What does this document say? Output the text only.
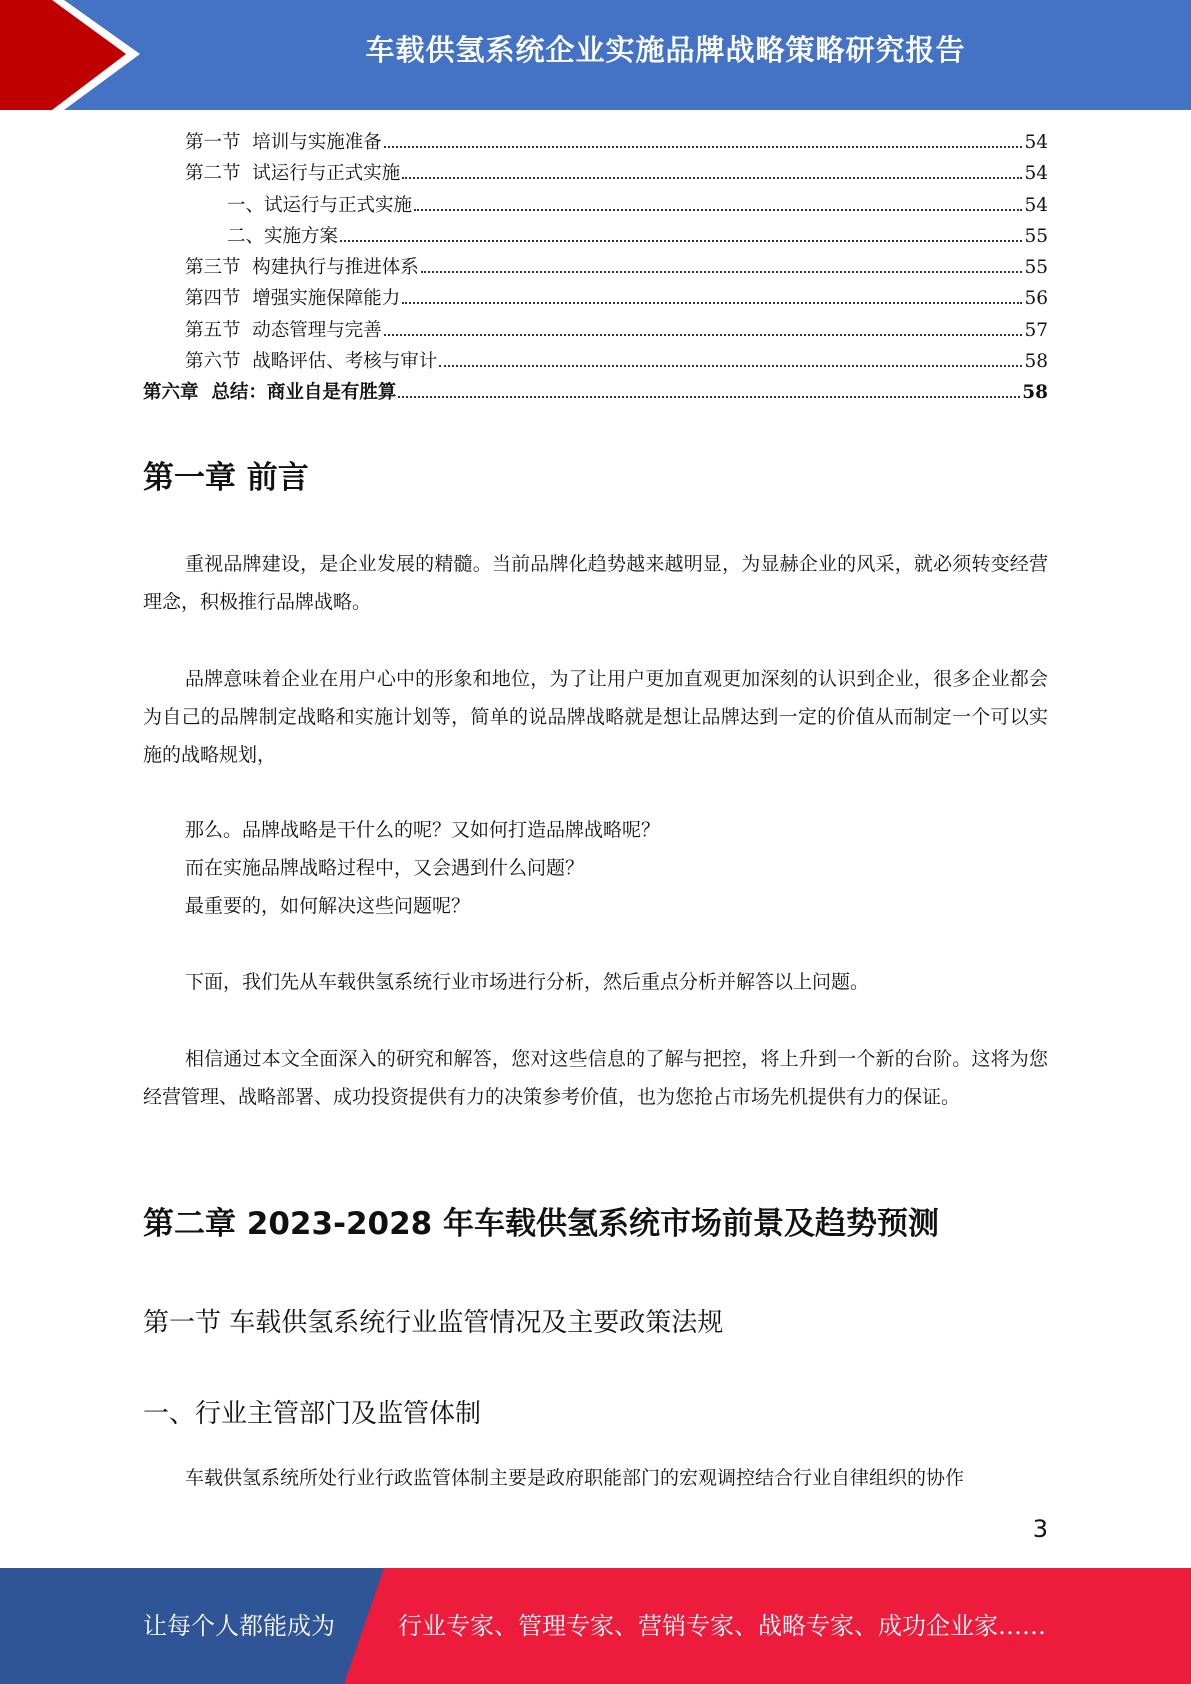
车载供氢系统企业实施品牌战略策略研究报告
第一节  培训与实施准备	54
第二节  试运行与正式实施	54
一、试运行与正式实施	54
二、实施方案	55
第三节  构建执行与推进体系	55
第四节  增强实施保障能力	56
第五节  动态管理与完善	57
第六节  战略评估、考核与审计	58
第六章  总结：商业自是有胜算	58
第一章 前言
重视品牌建设，是企业发展的精髓。当前品牌化趋势越来越明显，为显赫企业的风采，就必须转变经营理念，积极推行品牌战略。
品牌意味着企业在用户心中的形象和地位，为了让用户更加直观更加深刻的认识到企业，很多企业都会为自己的品牌制定战略和实施计划等，简单的说品牌战略就是想让品牌达到一定的价值从而制定一个可以实施的战略规划，
那么。品牌战略是干什么的呢？又如何打造品牌战略呢？
而在实施品牌战略过程中，又会遇到什么问题？
最重要的，如何解决这些问题呢？
下面，我们先从车载供氢系统行业市场进行分析，然后重点分析并解答以上问题。
相信通过本文全面深入的研究和解答，您对这些信息的了解与把控，将上升到一个新的台阶。这将为您经营管理、战略部署、成功投资提供有力的决策参考价值，也为您抢占市场先机提供有力的保证。
第二章 2023-2028 年车载供氢系统市场前景及趋势预测
第一节 车载供氢系统行业监管情况及主要政策法规
一、行业主管部门及监管体制
车载供氢系统所处行业行政监管体制主要是政府职能部门的宏观调控结合行业自律组织的协作
3
让每个人都能成为	行业专家、管理专家、营销专家、战略专家、成功企业家……
